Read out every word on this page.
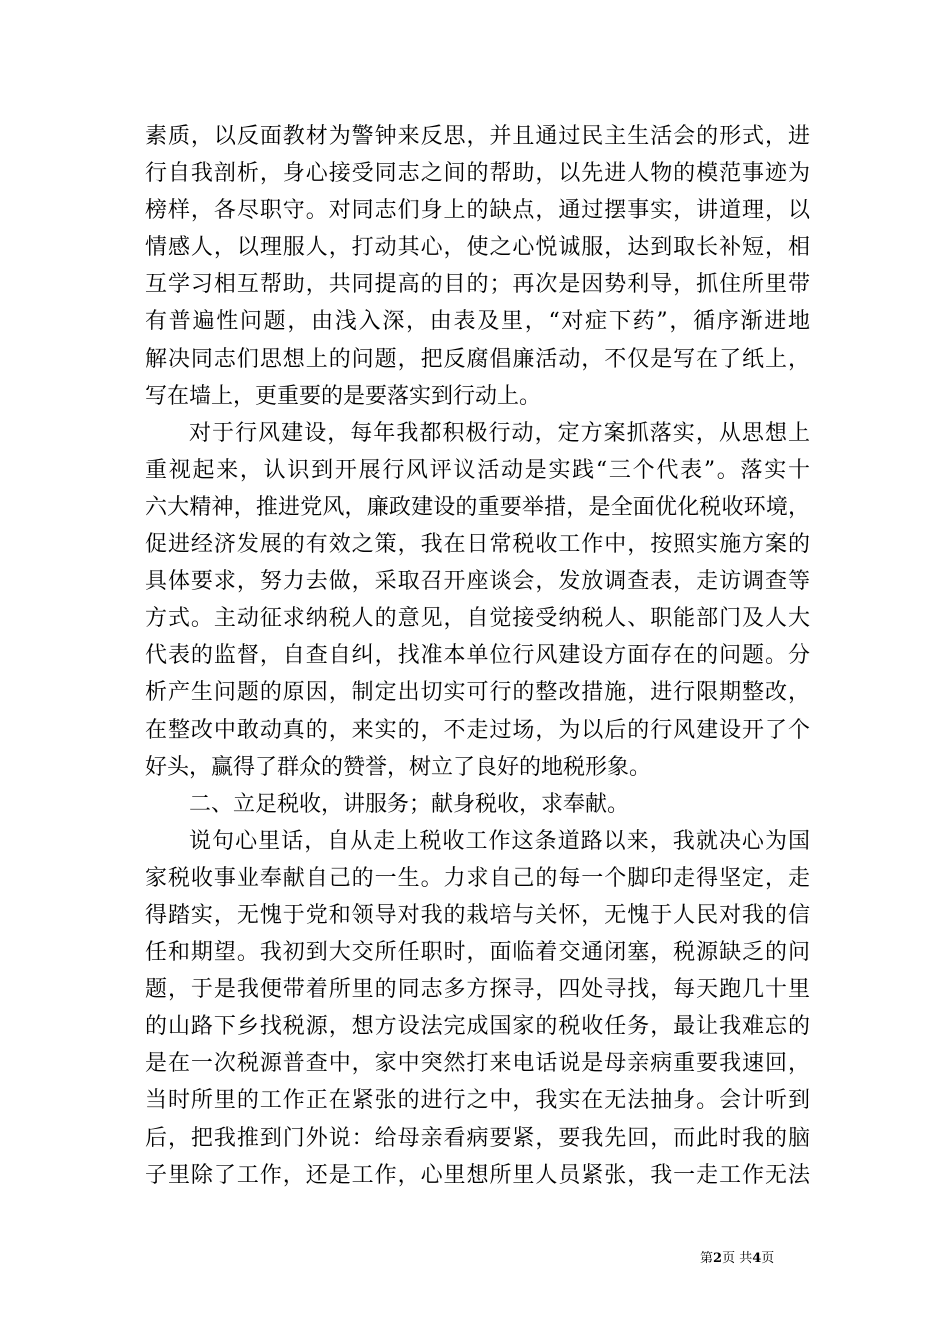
素质，以反面教材为警钟来反思，并且通过民主生活会的形式，进
行自我剖析，身心接受同志之间的帮助，以先进人物的模范事迹为
榜样，各尽职守。对同志们身上的缺点，通过摆事实，讲道理，以
情感人，以理服人，打动其心，使之心悦诚服，达到取长补短，相
互学习相互帮助，共同提高的目的；再次是因势利导，抓住所里带
有普遍性问题，由浅入深，由表及里，“对症下药”，循序渐进地
解决同志们思想上的问题，把反腐倡廉活动，不仅是写在了纸上，
写在墙上，更重要的是要落实到行动上。
对于行风建设，每年我都积极行动，定方案抓落实，从思想上
重视起来，认识到开展行风评议活动是实践“三个代表”。落实十
六大精神，推进党风，廉政建设的重要举措，是全面优化税收环境，
促进经济发展的有效之策，我在日常税收工作中，按照实施方案的
具体要求，努力去做，采取召开座谈会，发放调查表，走访调查等
方式。主动征求纳税人的意见，自觉接受纳税人、职能部门及人大
代表的监督，自查自纠，找准本单位行风建设方面存在的问题。分
析产生问题的原因，制定出切实可行的整改措施，进行限期整改，
在整改中敢动真的，来实的，不走过场，为以后的行风建设开了个
好头，赢得了群众的赞誉，树立了良好的地税形象。
二、立足税收，讲服务；献身税收，求奉献。
说句心里话，自从走上税收工作这条道路以来，我就决心为国
家税收事业奉献自己的一生。力求自己的每一个脚印走得坚定，走
得踏实，无愧于党和领导对我的栽培与关怀，无愧于人民对我的信
任和期望。我初到大交所任职时，面临着交通闭塞，税源缺乏的问
题，于是我便带着所里的同志多方探寻，四处寻找，每天跑几十里
的山路下乡找税源，想方设法完成国家的税收任务，最让我难忘的
是在一次税源普查中，家中突然打来电话说是母亲病重要我速回，
当时所里的工作正在紧张的进行之中，我实在无法抽身。会计听到
后，把我推到门外说：给母亲看病要紧，要我先回，而此时我的脑
子里除了工作，还是工作，心里想所里人员紧张，我一走工作无法
第2页 共4页
